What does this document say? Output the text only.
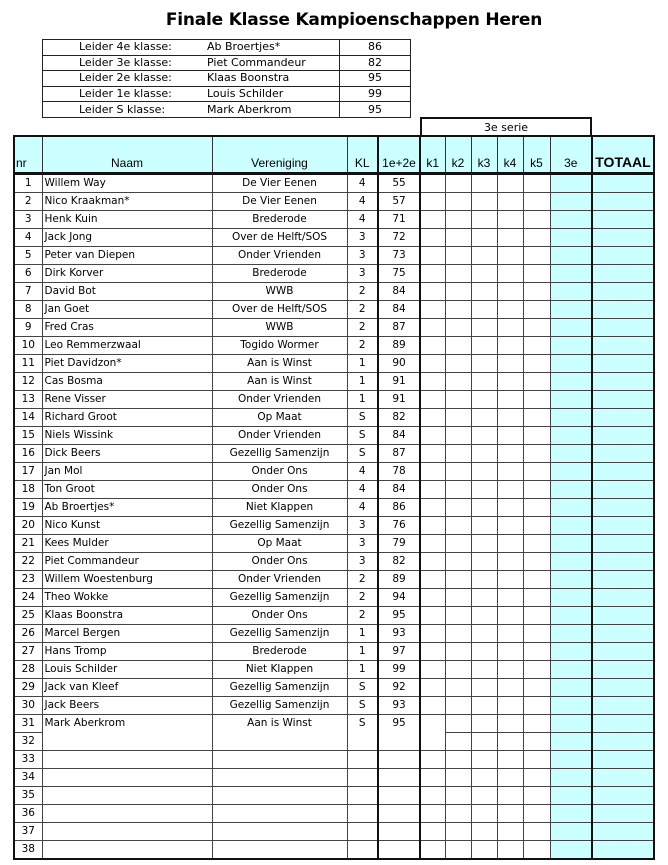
Finale Klasse Kampioenschappen Heren
Leider 4e klasse:	Ab Broertjes*	86
Leider 3e klasse:	Piet Commandeur	82
Leider 2e klasse:	Klaas Boonstra	95
Leider 1e klasse:	Louis Schilder	99
Leider S klasse:	Mark Aberkrom	95
3e serie
nr	Naam	Vereniging	KL	1e+2e	k1	k2	k3	k4	k5	3e	TOTAAL
1	Willem Way	De Vier Eenen	4	55							
2	Nico Kraakman*	De Vier Eenen	4	57							
3	Henk Kuin	Brederode	4	71							
4	Jack Jong	Over de Helft/SOS	3	72							
5	Peter van Diepen	Onder Vrienden	3	73							
6	Dirk Korver	Brederode	3	75							
7	David Bot	WWB	2	84							
8	Jan Goet	Over de Helft/SOS	2	84							
9	Fred Cras	WWB	2	87							
10	Leo Remmerzwaal	Togido Wormer	2	89							
11	Piet Davidzon*	Aan is Winst	1	90							
12	Cas Bosma	Aan is Winst	1	91							
13	Rene Visser	Onder Vrienden	1	91							
14	Richard Groot	Op Maat	S	82							
15	Niels Wissink	Onder Vrienden	S	84							
16	Dick Beers	Gezellig Samenzijn	S	87							
17	Jan Mol	Onder Ons	4	78							
18	Ton Groot	Onder Ons	4	84							
19	Ab Broertjes*	Niet Klappen	4	86							
20	Nico Kunst	Gezellig Samenzijn	3	76							
21	Kees Mulder	Op Maat	3	79							
22	Piet Commandeur	Onder Ons	3	82							
23	Willem Woestenburg	Onder Vrienden	2	89							
24	Theo Wokke	Gezellig Samenzijn	2	94							
25	Klaas Boonstra	Onder Ons	2	95							
26	Marcel Bergen	Gezellig Samenzijn	1	93							
27	Hans Tromp	Brederode	1	97							
28	Louis Schilder	Niet Klappen	1	99							
29	Jack van Kleef	Gezellig Samenzijn	S	92							
30	Jack Beers	Gezellig Samenzijn	S	93							
31	Mark Aberkrom	Aan is Winst	S	95							
32											
33											
34											
35											
36											
37											
38											
